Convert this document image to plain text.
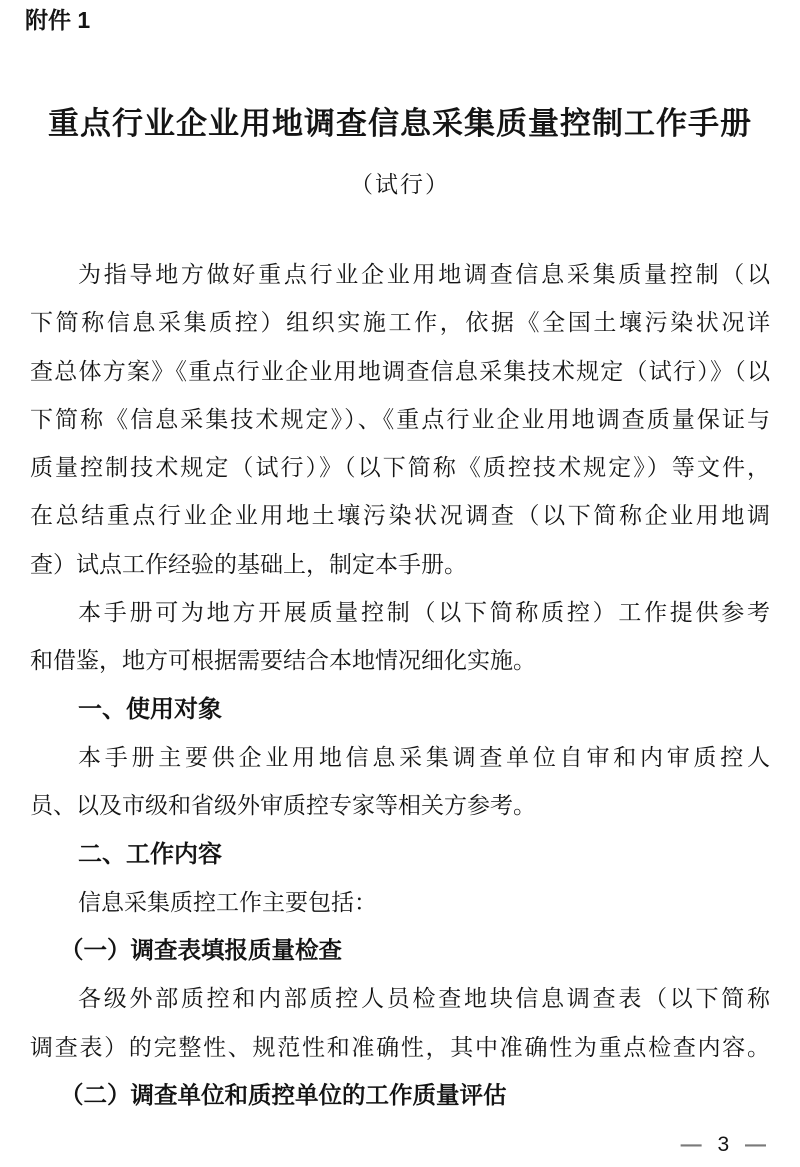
附件 1
重点行业企业用地调查信息采集质量控制工作手册
（试行）
为指导地方做好重点行业企业用地调查信息采集质量控制（以
下简称信息采集质控）组织实施工作，依据《全国土壤污染状况详
查总体方案》《重点行业企业用地调查信息采集技术规定（试行）》（以
下简称《信息采集技术规定》）、《重点行业企业用地调查质量保证与
质量控制技术规定（试行）》（以下简称《质控技术规定》）等文件，
在总结重点行业企业用地土壤污染状况调查（以下简称企业用地调
查）试点工作经验的基础上，制定本手册。
本手册可为地方开展质量控制（以下简称质控）工作提供参考
和借鉴，地方可根据需要结合本地情况细化实施。
一、使用对象
本手册主要供企业用地信息采集调查单位自审和内审质控人
员、以及市级和省级外审质控专家等相关方参考。
二、工作内容
信息采集质控工作主要包括：
（一）调查表填报质量检查
各级外部质控和内部质控人员检查地块信息调查表（以下简称
调查表）的完整性、规范性和准确性，其中准确性为重点检查内容。
（二）调查单位和质控单位的工作质量评估
— 3 —
